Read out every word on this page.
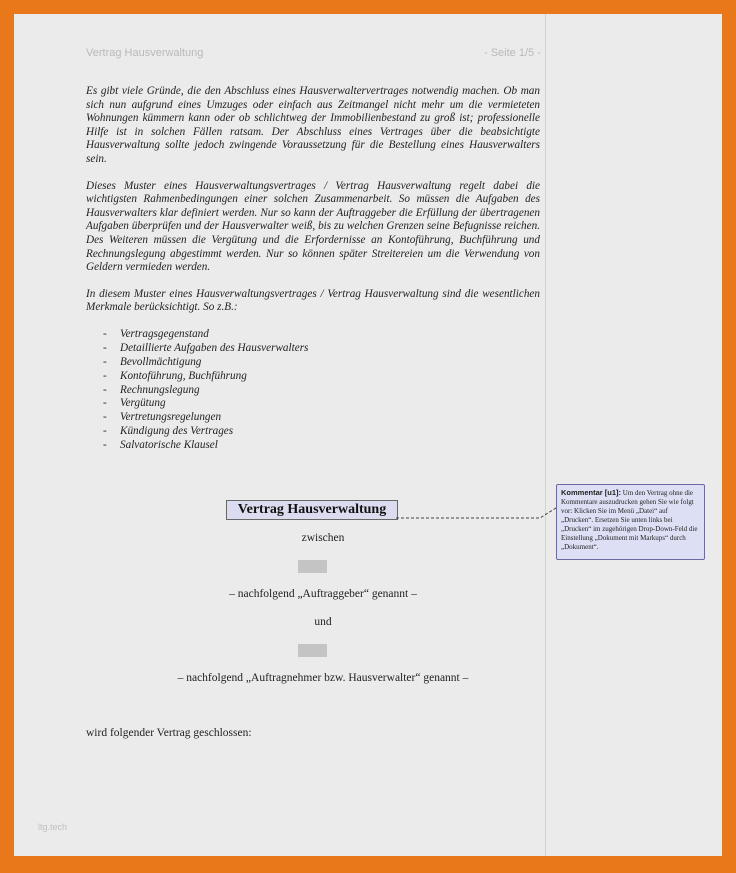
Vertrag Hausverwaltung	- Seite 1/5 -

Es gibt viele Gründe, die den Abschluss eines Hausverwaltervertrages notwendig machen. Ob man sich nun aufgrund eines Umzuges oder einfach aus Zeitmangel nicht mehr um die vermieteten Wohnungen kümmern kann oder ob schlichtweg der Immobilienbestand zu groß ist; professionelle Hilfe ist in solchen Fällen ratsam. Der Abschluss eines Vertrages über die beabsichtigte Hausverwaltung sollte jedoch zwingende Voraussetzung für die Bestellung eines Hausverwalters sein.

Dieses Muster eines Hausverwaltungsvertrages / Vertrag Hausverwaltung regelt dabei die wichtigsten Rahmenbedingungen einer solchen Zusammenarbeit. So müssen die Aufgaben des Hausverwalters klar definiert werden. Nur so kann der Auftraggeber die Erfüllung der übertragenen Aufgaben überprüfen und der Hausverwalter weiß, bis zu welchen Grenzen seine Befugnisse reichen. Des Weiteren müssen die Vergütung und die Erfordernisse an Kontoführung, Buchführung und Rechnungslegung abgestimmt werden. Nur so können später Streitereien um die Verwendung von Geldern vermieden werden.

In diesem Muster eines Hausverwaltungsvertrages / Vertrag Hausverwaltung sind die wesentlichen Merkmale berücksichtigt. So z.B.:

- Vertragsgegenstand
- Detaillierte Aufgaben des Hausverwalters
- Bevollmächtigung
- Kontoführung, Buchführung
- Rechnungslegung
- Vergütung
- Vertretungsregelungen
- Kündigung des Vertrages
- Salvatorische Klausel
Vertrag Hausverwaltung
zwischen
– nachfolgend „Auftraggeber“ genannt –
und
– nachfolgend „Auftragnehmer bzw. Hausverwalter“ genannt –
wird folgender Vertrag geschlossen:
ltg.tech
Kommentar [u1]: Um den Vertrag ohne die Kommentare auszudrucken gehen Sie wie folgt vor: Klicken Sie im Menü „Datei“ auf „Drucken“. Ersetzen Sie unten links bei „Drucken“ im zugehörigen Drop-Down-Feld die Einstellung „Dokument mit Markups“ durch „Dokument“.
